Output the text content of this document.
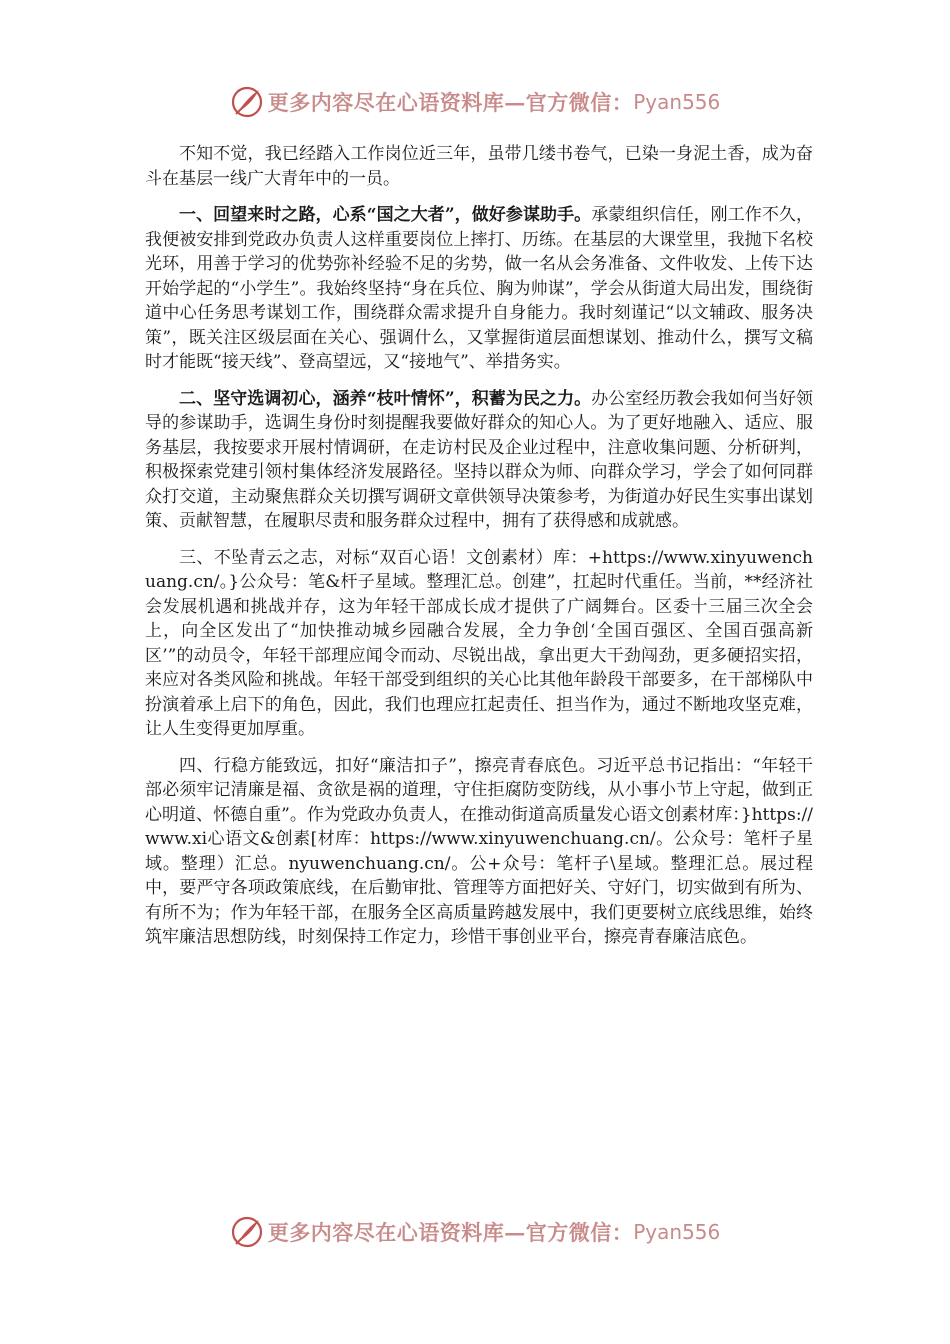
更多内容尽在心语资料库—官方微信： Pyan556

不知不觉，我已经踏入工作岗位近三年，虽带几缕书卷气，已染一身泥土香，成为奋斗在基层一线广大青年中的一员。

一、回望来时之路，心系“国之大者”，做好参谋助手。承蒙组织信任，刚工作不久，我便被安排到党政办负责人这样重要岗位上摔打、历练。在基层的大课堂里，我抛下名校光环，用善于学习的优势弥补经验不足的劣势，做一名从会务准备、文件收发、上传下达开始学起的“小学生”。我始终坚持“身在兵位、胸为帅谋”，学会从街道大局出发，围绕街道中心任务思考谋划工作，围绕群众需求提升自身能力。我时刻谨记“以文辅政、服务决策”，既关注区级层面在关心、强调什么，又掌握街道层面想谋划、推动什么，撰写文稿时才能既“接天线”、登高望远，又“接地气”、举措务实。

二、坚守选调初心，涵养“枝叶情怀”，积蓄为民之力。办公室经历教会我如何当好领导的参谋助手，选调生身份时刻提醒我要做好群众的知心人。为了更好地融入、适应、服务基层，我按要求开展村情调研，在走访村民及企业过程中，注意收集问题、分析研判，积极探索党建引领村集体经济发展路径。坚持以群众为师、向群众学习，学会了如何同群众打交道，主动聚焦群众关切撰写调研文章供领导决策参考，为街道办好民生实事出谋划策、贡献智慧，在履职尽责和服务群众过程中，拥有了获得感和成就感。

三、不坠青云之志，对标“双百心语！文创素材）库：+https://www.xinyuwenchuang.cn/。}公众号：笔&杆子星域。整理汇总。创建”，扛起时代重任。当前，**经济社会发展机遇和挑战并存，这为年轻干部成长成才提供了广阔舞台。区委十三届三次全会上，向全区发出了“加快推动城乡园融合发展，全力争创‘全国百强区、全国百强高新区’”的动员令，年轻干部理应闻令而动、尽锐出战，拿出更大干劲闯劲，更多硬招实招，来应对各类风险和挑战。年轻干部受到组织的关心比其他年龄段干部要多，在干部梯队中扮演着承上启下的角色，因此，我们也理应扛起责任、担当作为，通过不断地攻坚克难，让人生变得更加厚重。

四、行稳方能致远，扣好“廉洁扣子”，擦亮青春底色。习近平总书记指出：“年轻干部必须牢记清廉是福、贪欲是祸的道理，守住拒腐防变防线，从小事小节上守起，做到正心明道、怀德自重”。作为党政办负责人，在推动街道高质量发心语文创素材库：}https://www.xi心语文&创素[材库：https://www.xinyuwenchuang.cn/。公众号：笔杆子星域。整理）汇总。nyuwenchuang.cn/。公+众号：笔杆子\星域。整理汇总。展过程中，要严守各项政策底线，在后勤审批、管理等方面把好关、守好门，切实做到有所为、有所不为；作为年轻干部，在服务全区高质量跨越发展中，我们更要树立底线思维，始终筑牢廉洁思想防线，时刻保持工作定力，珍惜干事创业平台，擦亮青春廉洁底色。

更多内容尽在心语资料库—官方微信： Pyan556
